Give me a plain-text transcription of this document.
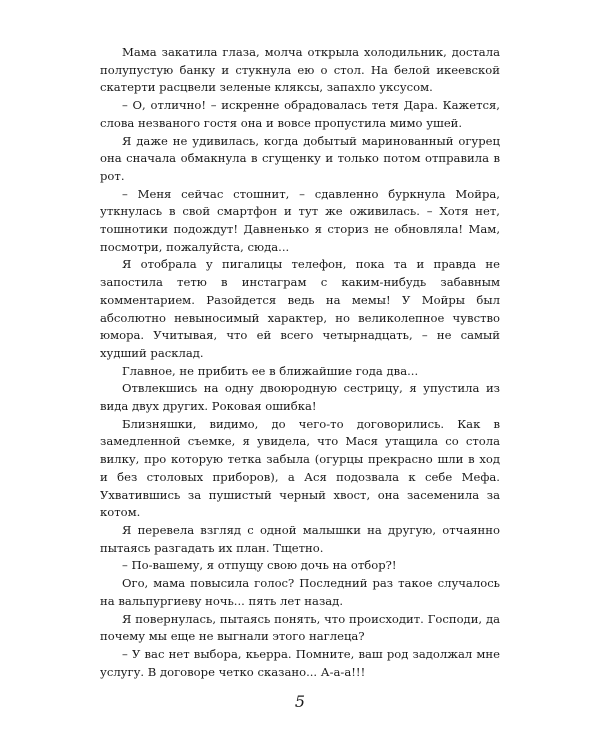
Мама закатила глаза, молча открыла холодильник, достала полупустую банку и стукнула ею о стол. На белой икеевской скатерти расцвели зеленые кляксы, запахло уксусом.

– О, отлично! – искренне обрадовалась тетя Дара. Кажется, слова незваного гостя она и вовсе пропустила мимо ушей.

Я даже не удивилась, когда добытый маринованный огурец она сначала обмакнула в сгущенку и только потом отправила в рот.

– Меня сейчас стошнит, – сдавленно буркнула Мойра, уткнулась в свой смартфон и тут же оживилась. – Хотя нет, тошнотики подождут! Давненько я сториз не обновляла! Мам, посмотри, пожалуйста, сюда...

Я отобрала у пигалицы телефон, пока та и правда не запостила тетю в инстаграм с каким-нибудь забавным комментарием. Разойдется ведь на мемы! У Мойры был абсолютно невыносимый характер, но великолепное чувство юмора. Учитывая, что ей всего четырнадцать, – не самый худший расклад.

Главное, не прибить ее в ближайшие года два...

Отвлекшись на одну двоюродную сестрицу, я упустила из вида двух других. Роковая ошибка!

Близняшки, видимо, до чего-то договорились. Как в замедленной съемке, я увидела, что Мася утащила со стола вилку, про которую тетка забыла (огурцы прекрасно шли в ход и без столовых приборов), а Ася подозвала к себе Мефа. Ухватившись за пушистый черный хвост, она засеменила за котом.

Я перевела взгляд с одной малышки на другую, отчаянно пытаясь разгадать их план. Тщетно.

– По-вашему, я отпущу свою дочь на отбор?!

Ого, мама повысила голос? Последний раз такое случалось на вальпургиеву ночь... пять лет назад.

Я повернулась, пытаясь понять, что происходит. Господи, да почему мы еще не выгнали этого наглеца?

– У вас нет выбора, кьерра. Помните, ваш род задолжал мне услугу. В договоре четко сказано... А-а-а!!!

5
